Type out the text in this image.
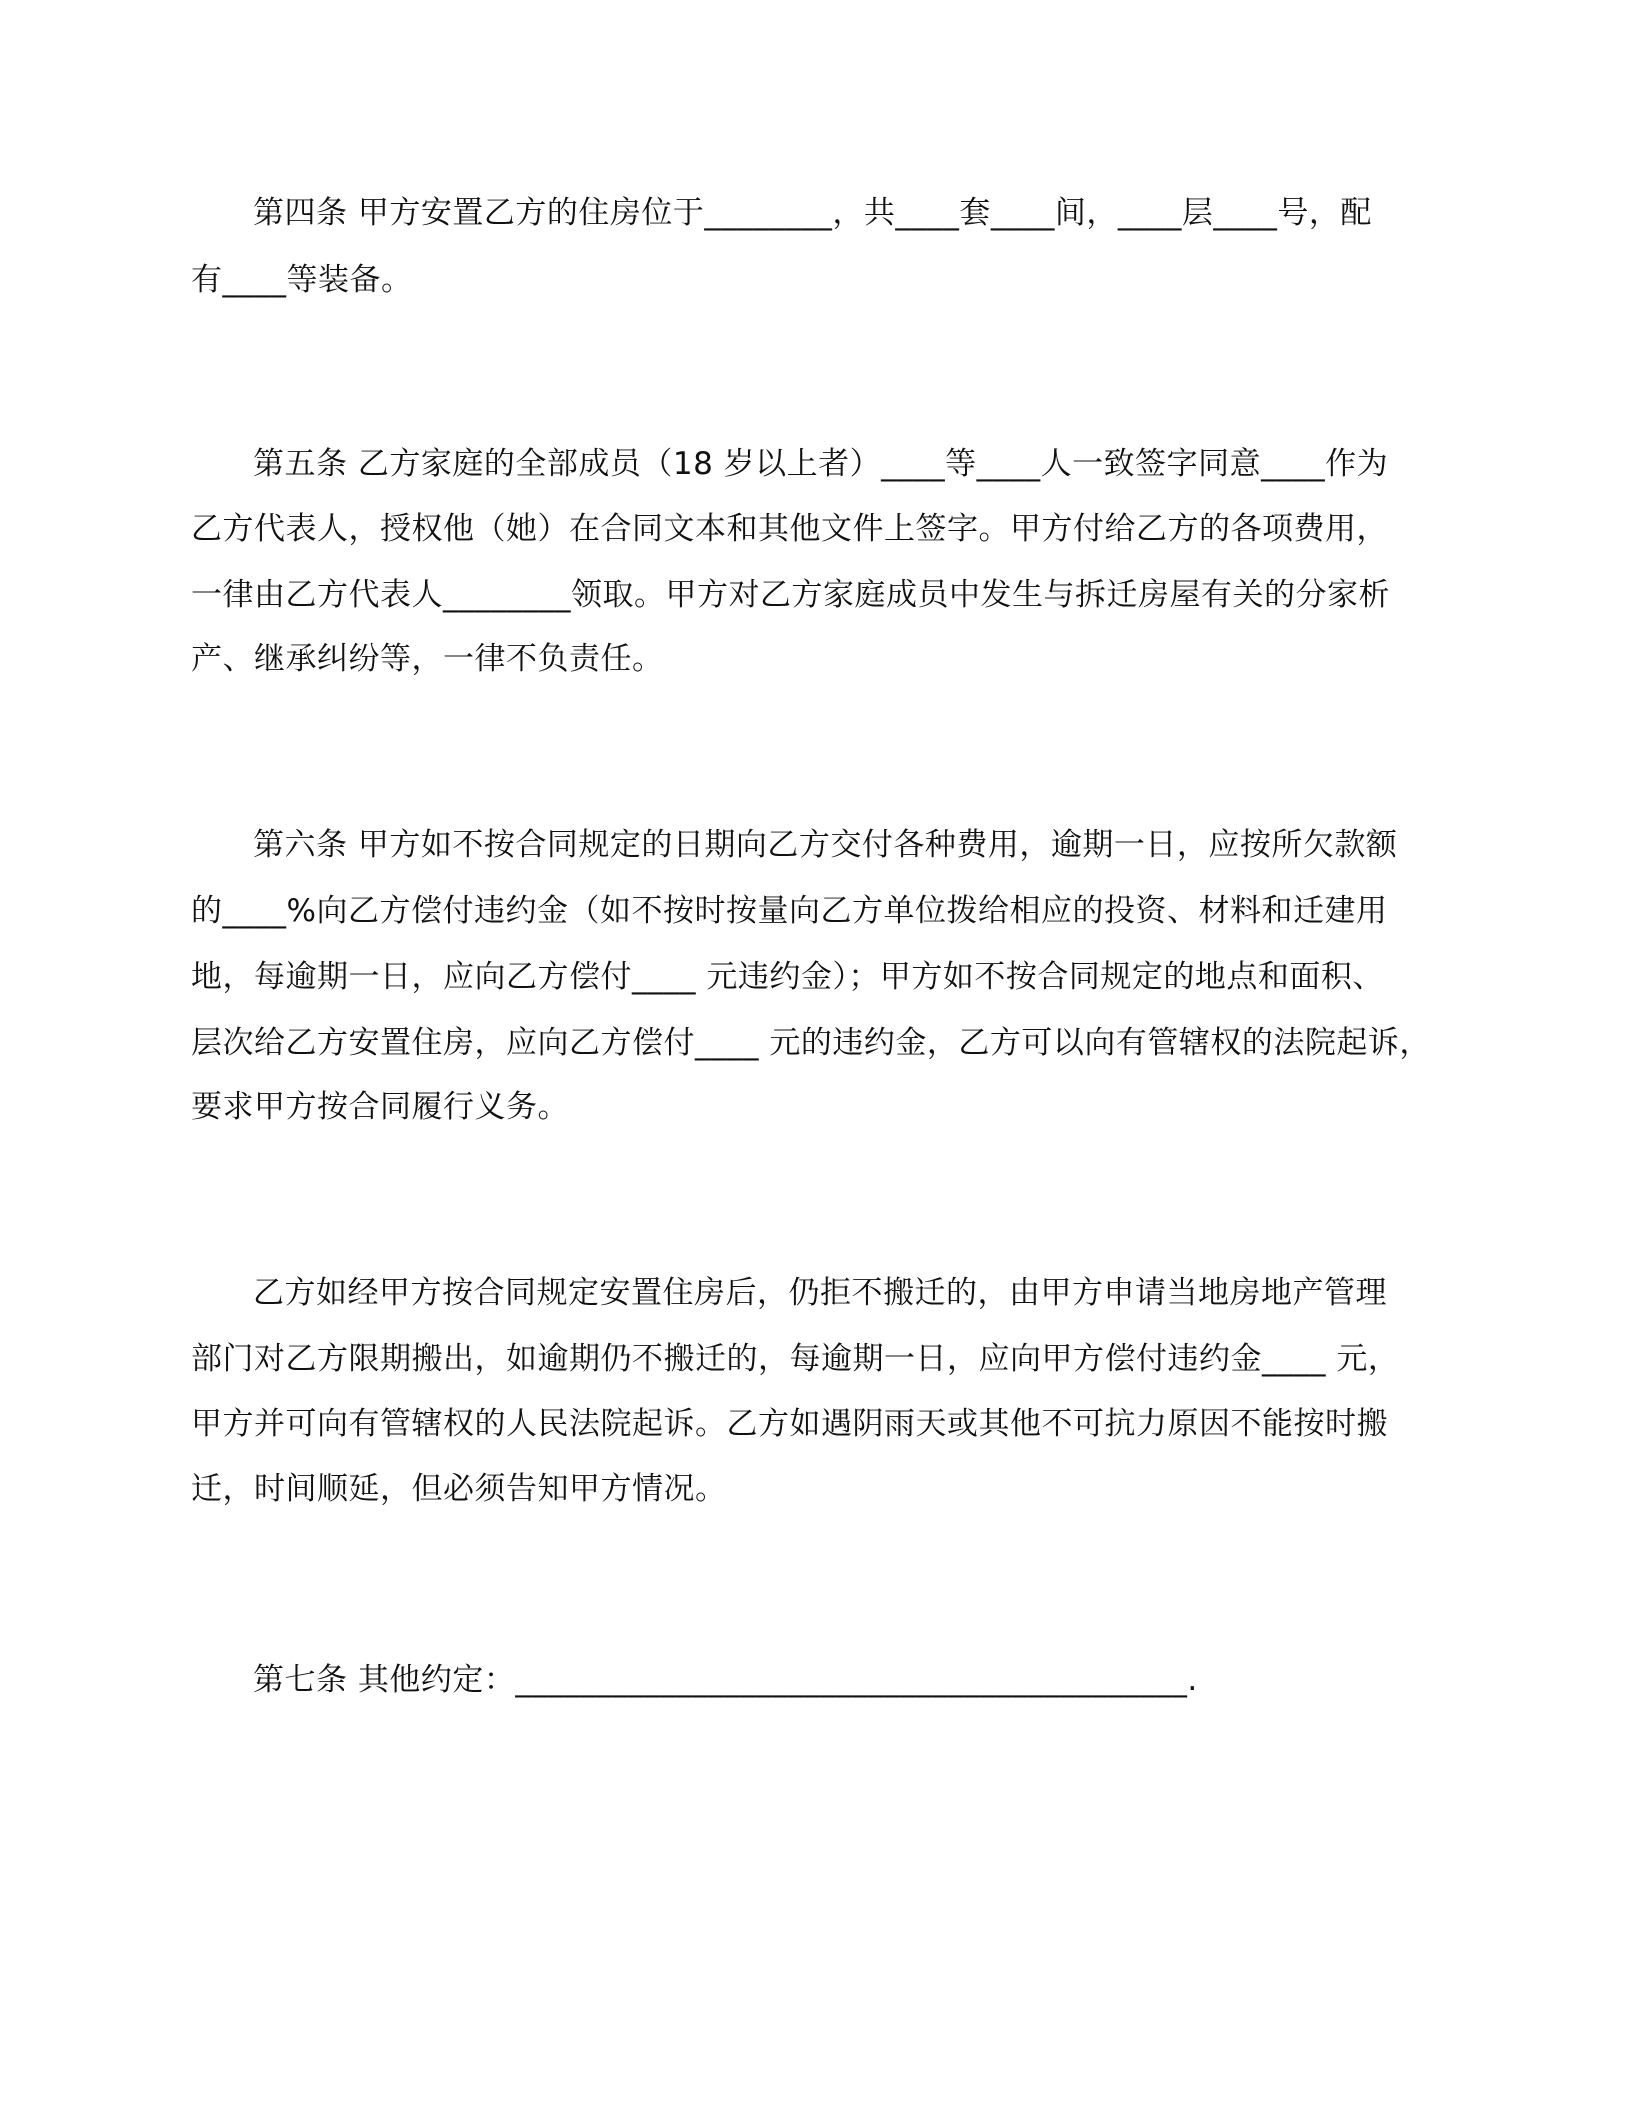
第四条 甲方安置乙方的住房位于________，共____套____间，____层____号，配
有____等装备。
第五条 乙方家庭的全部成员（18 岁以上者）____等____人一致签字同意____作为
乙方代表人，授权他（她）在合同文本和其他文件上签字。甲方付给乙方的各项费用，
一律由乙方代表人________领取。甲方对乙方家庭成员中发生与拆迁房屋有关的分家析
产、继承纠纷等，一律不负责任。
第六条 甲方如不按合同规定的日期向乙方交付各种费用，逾期一日，应按所欠款额
的____%向乙方偿付违约金（如不按时按量向乙方单位拨给相应的投资、材料和迁建用
地，每逾期一日，应向乙方偿付____ 元违约金）；甲方如不按合同规定的地点和面积、
层次给乙方安置住房，应向乙方偿付____ 元的违约金，乙方可以向有管辖权的法院起诉，
要求甲方按合同履行义务。
乙方如经甲方按合同规定安置住房后，仍拒不搬迁的，由甲方申请当地房地产管理
部门对乙方限期搬出，如逾期仍不搬迁的，每逾期一日，应向甲方偿付违约金____ 元，
甲方并可向有管辖权的人民法院起诉。乙方如遇阴雨天或其他不可抗力原因不能按时搬
迁，时间顺延，但必须告知甲方情况。
第七条 其他约定：__________________________________________.
